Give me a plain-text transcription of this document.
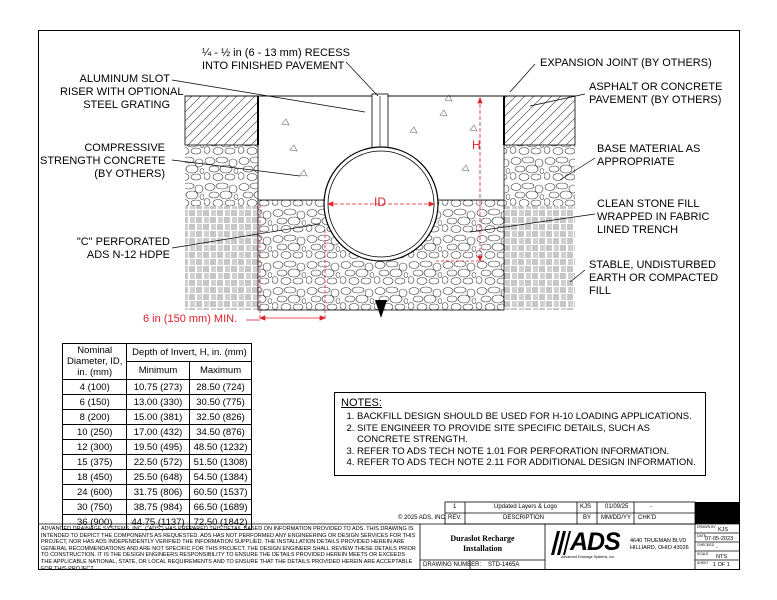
¼ - ½ in (6 - 13 mm) RECESS
INTO FINISHED PAVEMENT	EXPANSION JOINT (BY OTHERS)
ASPHALT OR CONCRETE
PAVEMENT (BY OTHERS)
ALUMINUM SLOT
RISER WITH OPTIONAL
STEEL GRATING
COMPRESSIVE
STRENGTH CONCRETE
(BY OTHERS)
BASE MATERIAL AS
APPROPRIATE
CLEAN STONE FILL
WRAPPED IN FABRIC
LINED TRENCH
"C" PERFORATED
ADS N-12 HDPE
STABLE, UNDISTURBED
EARTH OR COMPACTED
FILL
6 in (150 mm) MIN.
H
ID
Nominal
Diameter, ID,
in. (mm)	Depth of Invert, H, in. (mm)	
	Minimum	Maximum
4 (100)	10.75 (273)	28.50 (724)
6 (150)	13.00 (330)	30.50 (775)
8 (200)	15.00 (381)	32.50 (826)
10 (250)	17.00 (432)	34.50 (876)
12 (300)	19.50 (495)	48.50 (1232)
15 (375)	22.50 (572)	51.50 (1308)
18 (450)	25.50 (648)	54.50 (1384)
24 (600)	31.75 (806)	60.50 (1537)
30 (750)	38.75 (984)	66.50 (1689)
36 (900)	44.75 (1137)	72.50 (1842)
NOTES:
1. BACKFILL DESIGN SHOULD BE USED FOR H-10 LOADING APPLICATIONS.
2. SITE ENGINEER TO PROVIDE SITE SPECIFIC DETAILS, SUCH AS CONCRETE STRENGTH.
3. REFER TO ADS TECH NOTE 1.01 FOR PERFORATION INFORMATION.
4. REFER TO ADS TECH NOTE 2.11 FOR ADDITIONAL DESIGN INFORMATION.
© 2025 ADS, INC.
ADVANCED DRAINAGE SYSTEMS, INC. ("ADS") HAS PREPARED THIS DETAIL BASED ON INFORMATION PROVIDED TO ADS. THIS DRAWING IS INTENDED TO DEPICT THE COMPONENTS AS REQUESTED. ADS HAS NOT PERFORMED ANY ENGINEERING OR DESIGN SERVICES FOR THIS PROJECT, NOR HAS ADS INDEPENDENTLY VERIFIED THE INFORMATION SUPPLIED. THE INSTALLATION DETAILS PROVIDED HEREIN ARE GENERAL RECOMMENDATIONS AND ARE NOT SPECIFIC FOR THIS PROJECT. THE DESIGN ENGINEER SHALL REVIEW THESE DETAILS PRIOR TO CONSTRUCTION. IT IS THE DESIGN ENGINEERS RESPONSIBILITY TO ENSURE THE DETAILS PROVIDED HEREIN MEETS OR EXCEEDS THE APPLICABLE NATIONAL, STATE, OR LOCAL REQUIREMENTS AND TO ENSURE THAT THE DETAILS PROVIDED HEREIN ARE ACCEPTABLE FOR THIS PROJECT.
1	Updated Layers & Logo	KJS 01/09/25	-
REV.	DESCRIPTION	BY MM/DD/YY CHK'D
Duraslot Recharge
Installation
DRAWING NUMBER: STD-1465A
ADS
Advanced Drainage Systems, Inc.
4640 TRUEMAN BLVD
HILLIARD, OHIO 43026
DRAWN BY KJS
DATE
07-05-2023
CHECKED -
SCALE NTS
SHEET 1 OF 1
